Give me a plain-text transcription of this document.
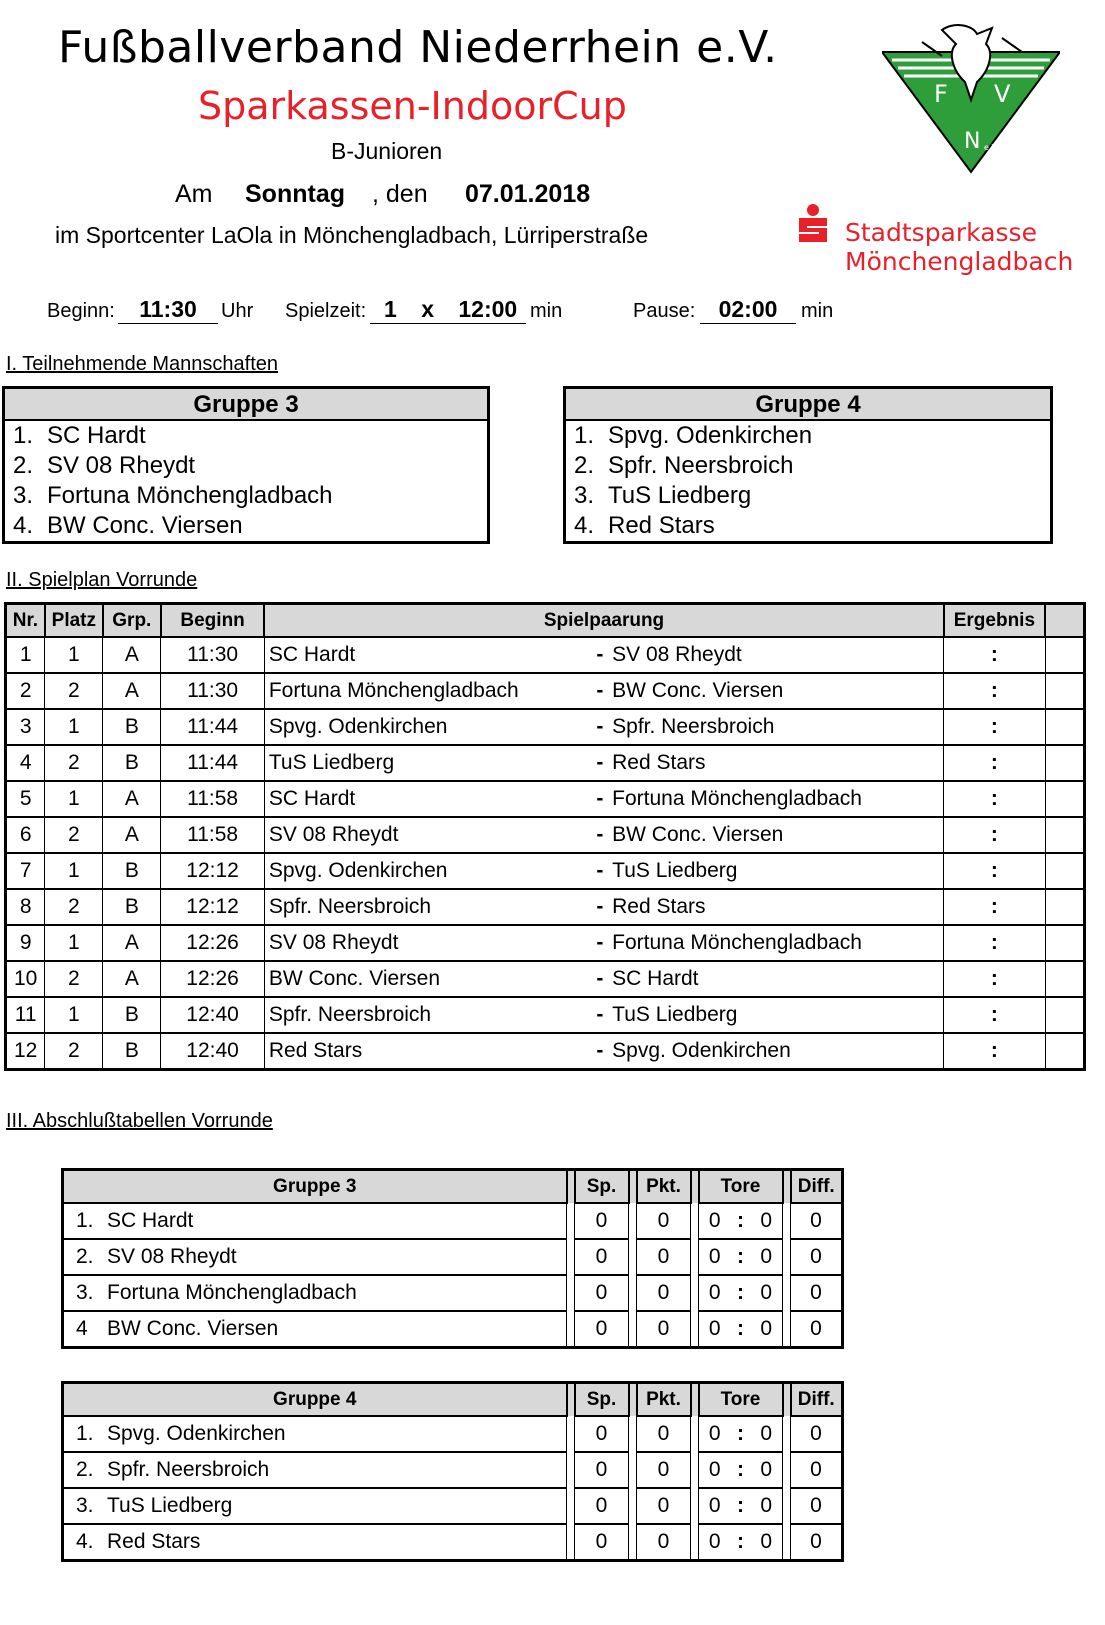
Fußballverband Niederrhein e.V.
Sparkassen-IndoorCup
B-Junioren
Am Sonntag , den 07.01.2018
im Sportcenter LaOla in Mönchengladbach, Lürriperstraße
F V
N e.V.
Stadtsparkasse
Mönchengladbach
Beginn:	11:30	Uhr Spielzeit: 1 x 12:00 min	Pause:	02:00	min
I. Teilnehmende Mannschaften
Gruppe 3
1. SC Hardt
2. SV 08 Rheydt
3. Fortuna Mönchengladbach
4. BW Conc. Viersen
Gruppe 4
1. Spvg. Odenkirchen
2. Spfr. Neersbroich
3. TuS Liedberg
4. Red Stars
II. Spielplan Vorrunde
Nr.	Platz	Grp.	Beginn	Spielpaarung			Ergebnis	
1	1	A	11:30	SC Hardt	-	SV 08 Rheydt	:	
2	2	A	11:30	Fortuna Mönchengladbach	-	BW Conc. Viersen	:	
3	1	B	11:44	Spvg. Odenkirchen	-	Spfr. Neersbroich	:	
4	2	B	11:44	TuS Liedberg	-	Red Stars	:	
5	1	A	11:58	SC Hardt	-	Fortuna Mönchengladbach	:	
6	2	A	11:58	SV 08 Rheydt	-	BW Conc. Viersen	:	
7	1	B	12:12	Spvg. Odenkirchen	-	TuS Liedberg	:	
8	2	B	12:12	Spfr. Neersbroich	-	Red Stars	:	
9	1	A	12:26	SV 08 Rheydt	-	Fortuna Mönchengladbach	:	
10	2	A	12:26	BW Conc. Viersen	-	SC Hardt	:	
11	1	B	12:40	Spfr. Neersbroich	-	TuS Liedberg	:	
12	2	B	12:40	Red Stars	-	Spvg. Odenkirchen	:	
III. Abschlußtabellen Vorrunde
Gruppe 3		Sp.		Pkt.		Tore				Diff.
1. SC Hardt		0		0		0	:	0		0
2. SV 08 Rheydt		0		0		0	:	0		0
3. Fortuna Mönchengladbach		0		0		0	:	0		0
4 BW Conc. Viersen		0		0		0	:	0		0
Gruppe 4		Sp.		Pkt.		Tore				Diff.
1. Spvg. Odenkirchen		0		0		0	:	0		0
2. Spfr. Neersbroich		0		0		0	:	0		0
3. TuS Liedberg		0		0		0	:	0		0
4. Red Stars		0		0		0	:	0		0
